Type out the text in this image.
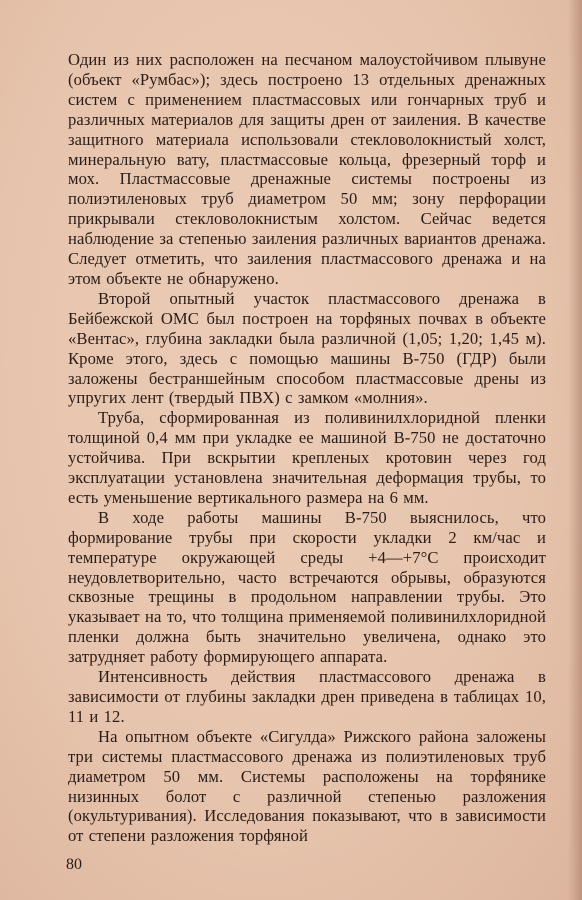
Один из них расположен на песчаном малоустойчивом плывуне (объект «Румбас»); здесь построено 13 отдельных дренажных систем с применением пластмассовых или гончарных труб и различных материалов для защиты дрен от заиления. В качестве защитного материала использовали стекловолокнистый холст, минеральную вату, пластмассовые кольца, фрезерный торф и мох. Пластмассовые дренажные системы построены из полиэтиленовых труб диаметром 50 мм; зону перфорации прикрывали стекловолокнистым холстом. Сейчас ведется наблюдение за степенью заиления различных вариантов дренажа. Следует отметить, что заиления пластмассового дренажа и на этом объекте не обнаружено.

Второй опытный участок пластмассового дренажа в Бейбежской ОМС был построен на торфяных почвах в объекте «Вентас», глубина закладки была различной (1,05; 1,20; 1,45 м). Кроме этого, здесь с помощью машины В-750 (ГДР) были заложены бестраншейным способом пластмассовые дрены из упругих лент (твердый ПВХ) с замком «молния».

Труба, сформированная из поливинилхлоридной пленки толщиной 0,4 мм при укладке ее машиной В-750 не достаточно устойчива. При вскрытии крепленых кротовин через год эксплуатации установлена значительная деформация трубы, то есть уменьшение вертикального размера на 6 мм.

В ходе работы машины В-750 выяснилось, что формирование трубы при скорости укладки 2 км/час и температуре окружающей среды +4—+7°C происходит неудовлетворительно, часто встречаются обрывы, образуются сквозные трещины в продольном направлении трубы. Это указывает на то, что толщина применяемой поливинилхлоридной пленки должна быть значительно увеличена, однако это затрудняет работу формирующего аппарата.

Интенсивность действия пластмассового дренажа в зависимости от глубины закладки дрен приведена в таблицах 10, 11 и 12.

На опытном объекте «Сигулда» Рижского района заложены три системы пластмассового дренажа из полиэтиленовых труб диаметром 50 мм. Системы расположены на торфянике низинных болот с различной степенью разложения (окультуривания). Исследования показывают, что в зависимости от степени разложения торфяной

80
